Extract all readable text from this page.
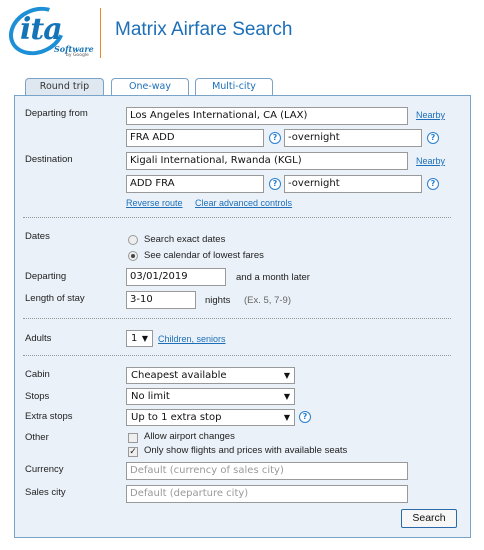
ita
Software
by Google
Matrix Airfare Search
Round trip	One-way	Multi-city
Departing from	Los Angeles International, CA (LAX)	Nearby
FRA ADD	?	-overnight	?
Destination	Kigali International, Rwanda (KGL)	Nearby
ADD FRA	?	-overnight	?
Reverse route Clear advanced controls
Dates	Search exact dates
See calendar of lowest fares
Departing	03/01/2019	and a month later
Length of stay	3-10	nights (Ex. 5, 7-9)
Adults	1 ▼ Children, seniors
Cabin	Cheapest available	▼
Stops	No limit	▼
Extra stops	Up to 1 extra stop	▼	?
Other	Allow airport changes
✓ Only show flights and prices with available seats
Currency	Default (currency of sales city)
Sales city	Default (departure city)
Search
